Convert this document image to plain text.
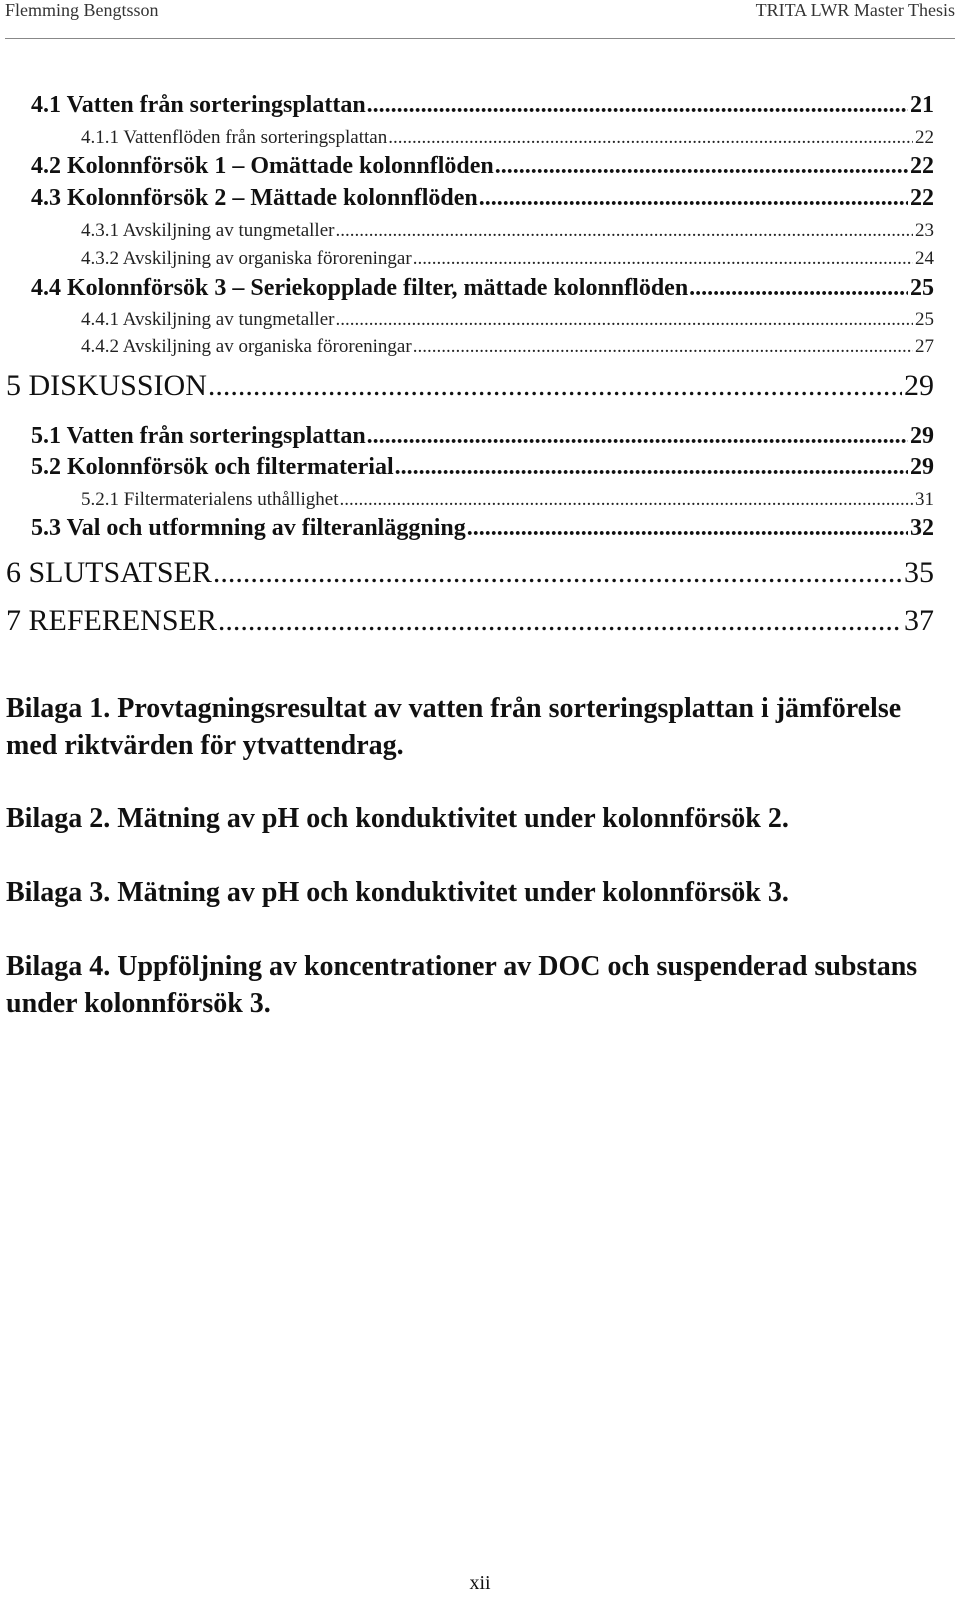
Flemming Bengtsson	TRITA LWR Master Thesis
4.1 Vatten från sorteringsplattan .....	21
4.1.1 Vattenflöden från sorteringsplattan .....	22
4.2 Kolonnförsök 1 – Omättade kolonnflöden .....	22
4.3 Kolonnförsök 2 – Mättade kolonnflöden .....	22
4.3.1 Avskiljning av tungmetaller .....	23
4.3.2 Avskiljning av organiska föroreningar .....	24
4.4 Kolonnförsök 3 – Seriekopplade filter, mättade kolonnflöden .....	25
4.4.1 Avskiljning av tungmetaller .....	25
4.4.2 Avskiljning av organiska föroreningar .....	27
5 DISKUSSION .....	29
5.1 Vatten från sorteringsplattan .....	29
5.2 Kolonnförsök och filtermaterial .....	29
5.2.1 Filtermaterialens uthållighet .....	31
5.3 Val och utformning av filteranläggning .....	32
6 SLUTSATSER .....	35
7 REFERENSER .....	37
Bilaga 1. Provtagningsresultat av vatten från sorteringsplattan i jämförelse med riktvärden för ytvattendrag.
Bilaga 2. Mätning av pH och konduktivitet under kolonnförsök 2.
Bilaga 3. Mätning av pH och konduktivitet under kolonnförsök 3.
Bilaga 4. Uppföljning av koncentrationer av DOC och suspenderad substans under kolonnförsök 3.
xii
